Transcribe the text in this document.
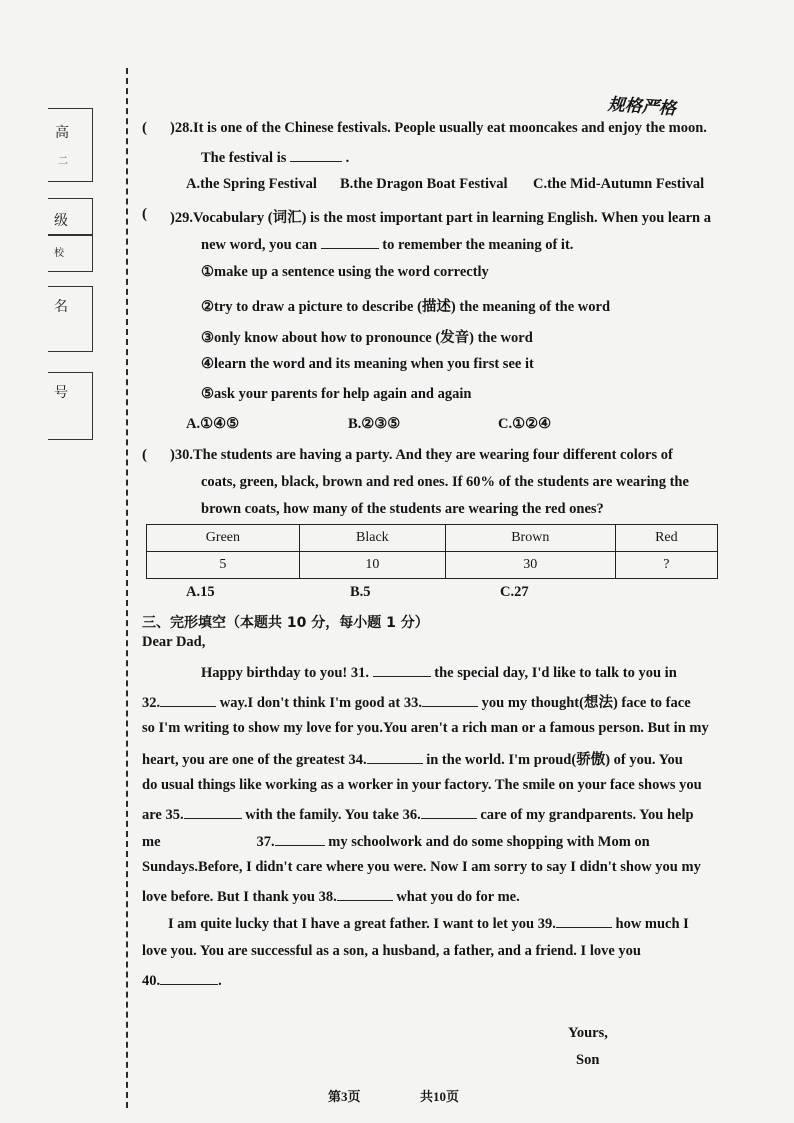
高
二
级
校
名
号
规格严格
( )28.It is one of the Chinese festivals. People usually eat mooncakes and enjoy the moon.
The festival is	.
A.the Spring Festival B.the Dragon Boat Festival C.the Mid-Autumn Festival
( )29.Vocabulary (词汇) is the most important part in learning English. When you learn a
new word, you can	to remember the meaning of it.
①make up a sentence using the word correctly
②try to draw a picture to describe (描述) the meaning of the word
③only know about how to pronounce (发音) the word
④learn the word and its meaning when you first see it
⑤ask your parents for help again and again
A.①④⑤	B.②③⑤	C.①②④
( )30.The students are having a party. And they are wearing four different colors of
coats, green, black, brown and red ones. If 60% of the students are wearing the
brown coats, how many of the students are wearing the red ones?
Green	Black	Brown	Red
5	10	30	?
A.15	B.5	C.27
三、完形填空（本题共 10 分，每小题 1 分）
Dear Dad,
Happy birthday to you! 31.	the special day, I'd like to talk to you in
32.	way.I don't think I'm good at 33.	you my thought(想法) face to face
so I'm writing to show my love for you.You aren't a rich man or a famous person. But in my
heart, you are one of the greatest 34.	in the world. I'm proud(骄傲) of you. You
do usual things like working as a worker in your factory. The smile on your face shows you
are 35.	with the family. You take 36.	care of my grandparents. You help
me	37.	my schoolwork and do some shopping with Mom on
Sundays.Before, I didn't care where you were. Now I am sorry to say I didn't show you my
love before. But I thank you 38.	what you do for me.
I am quite lucky that I have a great father. I want to let you 39.	how much I
love you. You are successful as a son, a husband, a father, and a friend. I love you
40.	.
Yours,
Son
第3页	共10页
